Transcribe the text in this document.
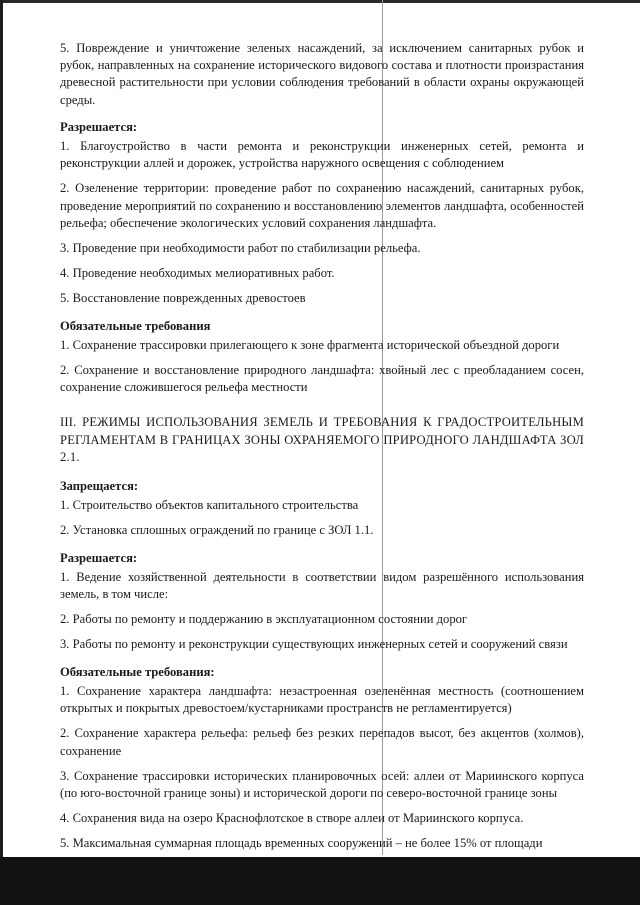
5. Повреждение и уничтожение зеленых насаждений, за исключением санитарных рубок и рубок, направленных на сохранение исторического видового состава и плотности произрастания древесной растительности при условии соблюдения требований в области охраны окружающей среды.

Разрешается:

1. Благоустройство в части ремонта и реконструкции инженерных сетей, ремонта и реконструкции аллей и дорожек, устройства наружного освещения с соблюдением

2. Озеленение территории: проведение работ по сохранению насаждений, санитарных рубок, проведение мероприятий по сохранению и восстановлению элементов ландшафта, особенностей рельефа; обеспечение экологических условий сохранения ландшафта.

3. Проведение при необходимости работ по стабилизации рельефа.

4. Проведение необходимых мелиоративных работ.

5. Восстановление поврежденных древостоев

Обязательные требования

1. Сохранение трассировки прилегающего к зоне фрагмента исторической объездной дороги

2. Сохранение и восстановление природного ландшафта: хвойный лес с преобладанием сосен, сохранение сложившегося рельефа местности

III. РЕЖИМЫ ИСПОЛЬЗОВАНИЯ ЗЕМЕЛЬ И ТРЕБОВАНИЯ К ГРАДОСТРОИТЕЛЬНЫМ РЕГЛАМЕНТАМ В ГРАНИЦАХ ЗОНЫ ОХРАНЯЕМОГО ПРИРОДНОГО ЛАНДШАФТА ЗОЛ 2.1.

Запрещается:

1. Строительство объектов капитального строительства

2. Установка сплошных ограждений по границе с ЗОЛ 1.1.

Разрешается:

1. Ведение хозяйственной деятельности в соответствии видом разрешённого использования земель, в том числе:

2. Работы по ремонту и поддержанию в эксплуатационном состоянии дорог

3. Работы по ремонту и реконструкции существующих инженерных сетей и сооружений связи

Обязательные требования:

1. Сохранение характера ландшафта: незастроенная озеленённая местность (соотношением открытых и покрытых древостоем/кустарниками пространств не регламентируется)

2. Сохранение характера рельефа: рельеф без резких перепадов высот, без акцентов (холмов), сохранение

3. Сохранение трассировки исторических планировочных осей: аллеи от Мариинского корпуса (по юго-восточной границе зоны) и исторической дороги по северо-восточной границе зоны

4. Сохранения вида на озеро Краснофлотское в створе аллеи от Мариинского корпуса.

5. Максимальная суммарная площадь временных сооружений – не более 15% от площади
